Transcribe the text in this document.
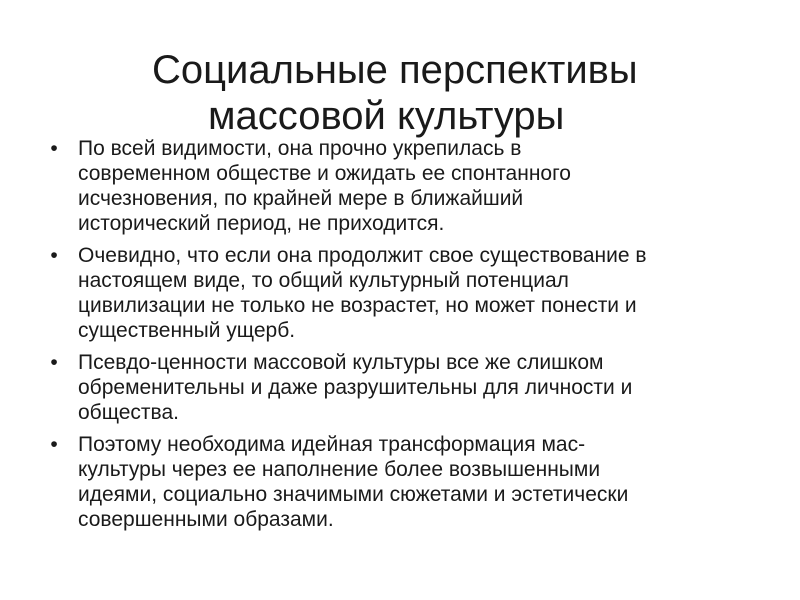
Социальные перспективы
массовой культуры
• По всей видимости, она прочно укрепилась в
современном обществе и ожидать ее спонтанного
исчезновения, по крайней мере в ближайший
исторический период, не приходится.
• Очевидно, что если она продолжит свое существование в
настоящем виде, то общий культурный потенциал
цивилизации не только не возрастет, но может понести и
существенный ущерб.
• Псевдо-ценности массовой культуры все же слишком
обременительны и даже разрушительны для личности и
общества.
• Поэтому необходима идейная трансформация мас-
культуры через ее наполнение более возвышенными
идеями, социально значимыми сюжетами и эстетически
совершенными образами.
